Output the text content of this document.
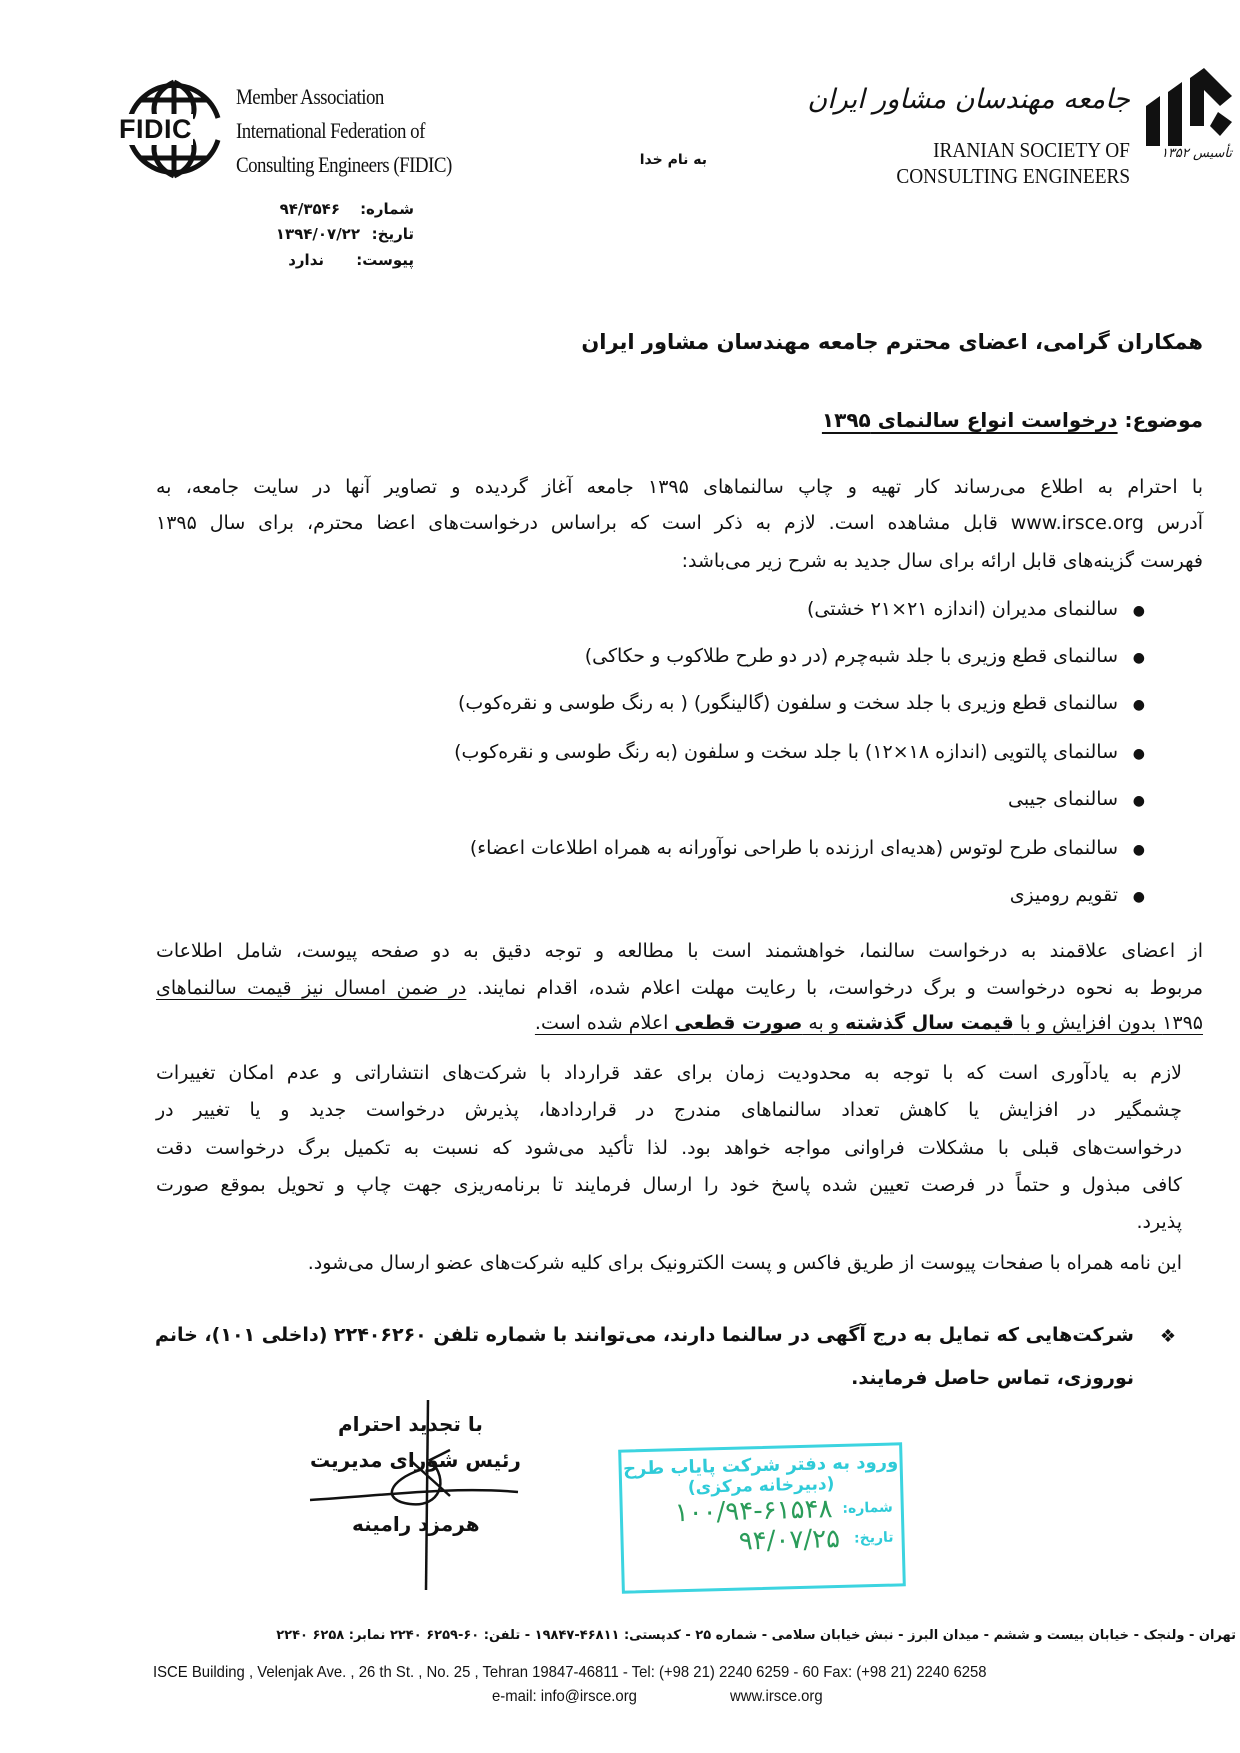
FIDIC
Member Association
International Federation of
Consulting Engineers (FIDIC)	تأسیس ۱۳۵۲
جامعه مهندسان مشاور ایران
IRANIAN SOCIETY OF
CONSULTING ENGINEERS
به نام خدا
شماره:
۹۴/۳۵۴۶
تاریخ:
۱۳۹۴/۰۷/۲۲
پیوست:
ندارد
همکاران گرامی، اعضای محترم جامعه مهندسان مشاور ایران
موضوع: درخواست انواع سالنمای ۱۳۹۵
با احترام به اطلاع می‌رساند کار تهیه و چاپ سالنماهای ۱۳۹۵ جامعه آغاز گردیده و تصاویر آنها در سایت جامعه، به
آدرس www.irsce.org قابل مشاهده است. لازم به ذکر است که براساس درخواست‌های اعضا محترم، برای سال ۱۳۹۵
فهرست گزینه‌های قابل ارائه برای سال جدید به شرح زیر می‌باشد:
●
سالنمای مدیران (اندازه ۲۱×۲۱ خشتی)
●
سالنمای قطع وزیری با جلد شبه‌چرم (در دو طرح طلاکوب و حکاکی)
●
سالنمای قطع وزیری با جلد سخت و سلفون (گالینگور) ( به رنگ طوسی و نقره‌کوب)
●
سالنمای پالتویی (اندازه ۱۸×۱۲) با جلد سخت و سلفون (به رنگ طوسی و نقره‌کوب)
●
سالنمای جیبی
●
سالنمای طرح لوتوس (هدیه‌ای ارزنده با طراحی نوآورانه به همراه اطلاعات اعضاء)
●
تقویم رومیزی
از اعضای علاقمند به درخواست سالنما، خواهشمند است با مطالعه و توجه دقیق به دو صفحه پیوست، شامل اطلاعات
مربوط به نحوه درخواست و برگ درخواست، با رعایت مهلت اعلام شده، اقدام نمایند. در ضمن امسال نیز قیمت سالنماهای
۱۳۹۵ بدون افزایش و با قیمت سال گذشته و به صورت قطعی اعلام شده است.
لازم به یادآوری است که با توجه به محدودیت زمان برای عقد قرارداد با شرکت‌های انتشاراتی و عدم امکان تغییرات
چشمگیر در افزایش یا کاهش تعداد سالنماهای مندرج در قراردادها، پذیرش درخواست جدید و یا تغییر در
درخواست‌های قبلی با مشکلات فراوانی مواجه خواهد بود. لذا تأکید می‌شود که نسبت به تکمیل برگ درخواست دقت
کافی مبذول و حتماً در فرصت تعیین شده پاسخ خود را ارسال فرمایند تا برنامه‌ریزی جهت چاپ و تحویل بموقع صورت
پذیرد.
این نامه همراه با صفحات پیوست از طریق فاکس و پست الکترونیک برای کلیه شرکت‌های عضو ارسال می‌شود.
❖
شرکت‌هایی که تمایل به درج آگهی در سالنما دارند، می‌توانند با شماره تلفن ۲۲۴۰۶۲۶۰ (داخلی ۱۰۱)، خانم
نوروزی، تماس حاصل فرمایند.
با تجدید احترام
رئیس شورای مدیریت
هرمزد رامینه
ورود به دفتر شرکت پایاب طرح
(دبیرخانه مرکزی)
شماره:
۱۰۰/۹۴-۶۱۵۴۸
تاریخ:
۹۴/۰۷/۲۵
تهران - ولنجک - خیابان بیست و ششم - میدان البرز - نبش خیابان سلامی - شماره ۲۵ - کدپستی: ۴۶۸۱۱-۱۹۸۴۷ - تلفن: ۶۰-۶۲۵۹ ۲۲۴۰ نمابر: ۶۲۵۸ ۲۲۴۰
ISCE Building , Velenjak Ave. , 26 th St. , No. 25 , Tehran 19847-46811 - Tel: (+98 21) 2240 6259 - 60 Fax: (+98 21) 2240 6258
e-mail: info@irsce.org	www.irsce.org
